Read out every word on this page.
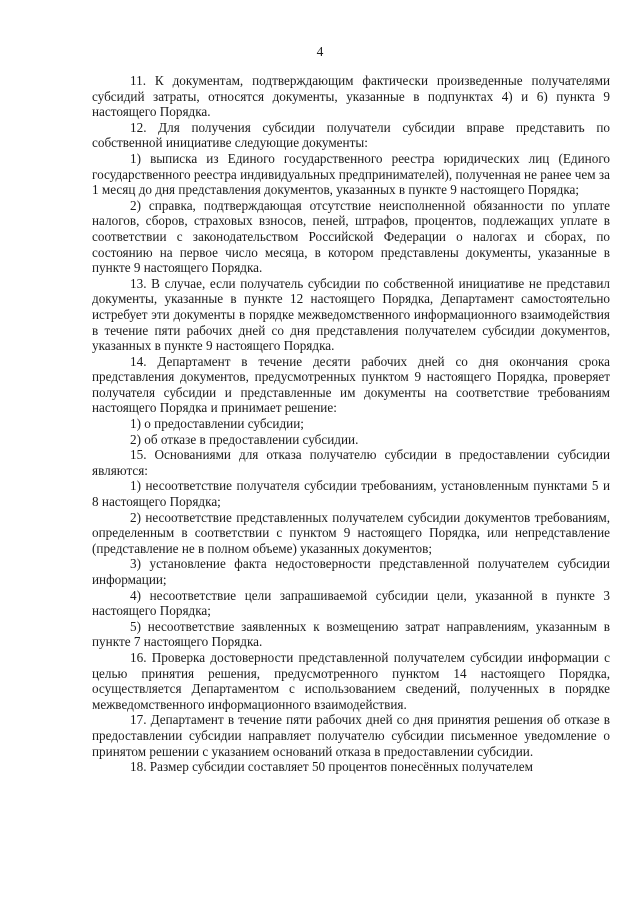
4

11. К документам, подтверждающим фактически произведенные получателями субсидий затраты, относятся документы, указанные в подпунктах 4) и 6) пункта 9 настоящего Порядка.

12. Для получения субсидии получатели субсидии вправе представить по собственной инициативе следующие документы:

1) выписка из Единого государственного реестра юридических лиц (Единого государственного реестра индивидуальных предпринимателей), полученная не ранее чем за 1 месяц до дня представления документов, указанных в пункте 9 настоящего Порядка;

2) справка, подтверждающая отсутствие неисполненной обязанности по уплате налогов, сборов, страховых взносов, пеней, штрафов, процентов, подлежащих уплате в соответствии с законодательством Российской Федерации о налогах и сборах, по состоянию на первое число месяца, в котором представлены документы, указанные в пункте 9 настоящего Порядка.

13. В случае, если получатель субсидии по собственной инициативе не представил документы, указанные в пункте 12 настоящего Порядка, Департамент самостоятельно истребует эти документы в порядке межведомственного информационного взаимодействия в течение пяти рабочих дней со дня представления получателем субсидии документов, указанных в пункте 9 настоящего Порядка.

14. Департамент в течение десяти рабочих дней со дня окончания срока представления документов, предусмотренных пунктом 9 настоящего Порядка, проверяет получателя субсидии и представленные им документы на соответствие требованиям настоящего Порядка и принимает решение:

1) о предоставлении субсидии;

2) об отказе в предоставлении субсидии.

15. Основаниями для отказа получателю субсидии в предоставлении субсидии являются:

1) несоответствие получателя субсидии требованиям, установленным пунктами 5 и 8 настоящего Порядка;

2) несоответствие представленных получателем субсидии документов требованиям, определенным в соответствии с пунктом 9 настоящего Порядка, или непредставление (представление не в полном объеме) указанных документов;

3) установление факта недостоверности представленной получателем субсидии информации;

4) несоответствие цели запрашиваемой субсидии цели, указанной в пункте 3 настоящего Порядка;

5) несоответствие заявленных к возмещению затрат направлениям, указанным в пункте 7 настоящего Порядка.

16. Проверка достоверности представленной получателем субсидии информации с целью принятия решения, предусмотренного пунктом 14 настоящего Порядка, осуществляется Департаментом с использованием сведений, полученных в порядке межведомственного информационного взаимодействия.

17. Департамент в течение пяти рабочих дней со дня принятия решения об отказе в предоставлении субсидии направляет получателю субсидии письменное уведомление о принятом решении с указанием оснований отказа в предоставлении субсидии.

18. Размер субсидии составляет 50 процентов понесённых получателем
